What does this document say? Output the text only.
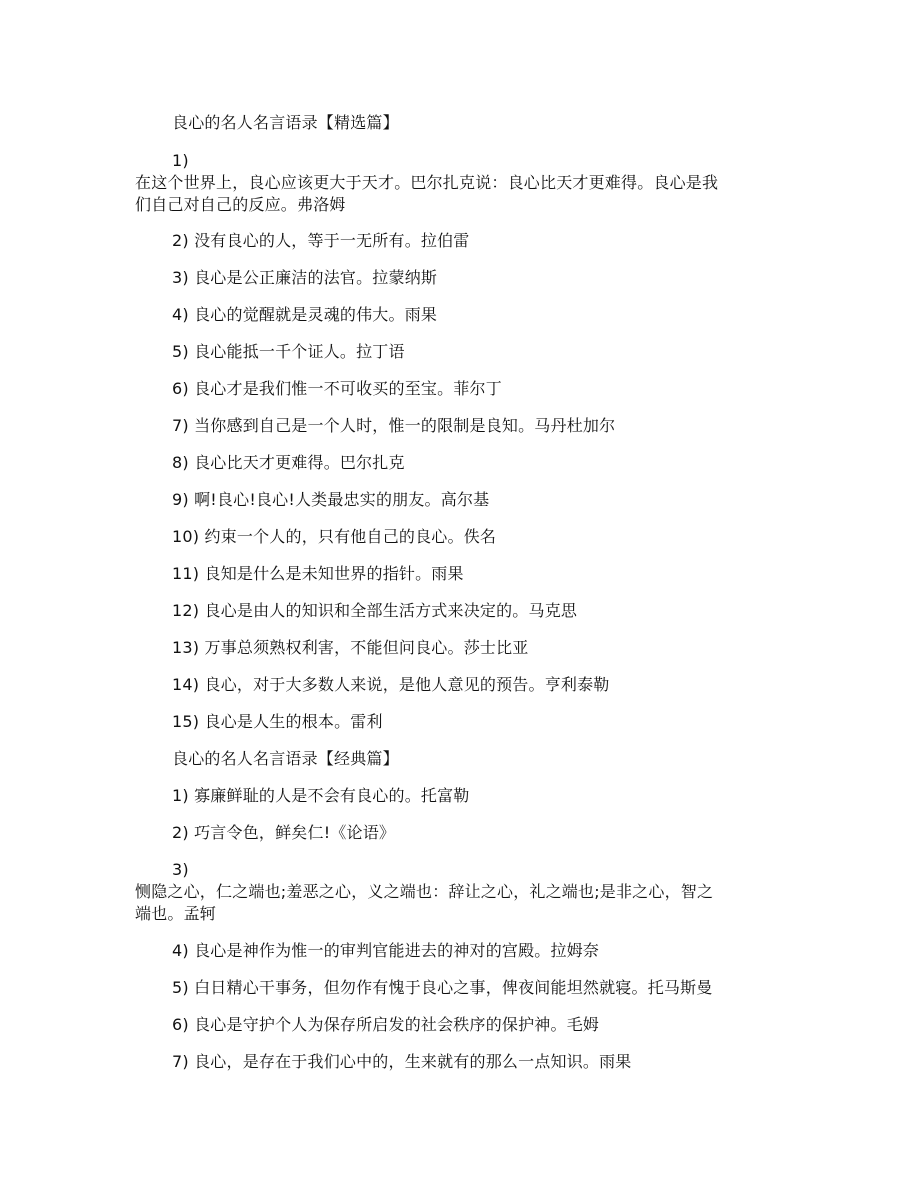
良心的名人名言语录【精选篇】
1)
在这个世界上，良心应该更大于天才。巴尔扎克说：良心比天才更难得。良心是我
们自己对自己的反应。弗洛姆
2) 没有良心的人，等于一无所有。拉伯雷
3) 良心是公正廉洁的法官。拉蒙纳斯
4) 良心的觉醒就是灵魂的伟大。雨果
5) 良心能抵一千个证人。拉丁语
6) 良心才是我们惟一不可收买的至宝。菲尔丁
7) 当你感到自己是一个人时，惟一的限制是良知。马丹杜加尔
8) 良心比天才更难得。巴尔扎克
9) 啊!良心!良心!人类最忠实的朋友。高尔基
10) 约束一个人的，只有他自己的良心。佚名
11) 良知是什么是未知世界的指针。雨果
12) 良心是由人的知识和全部生活方式来决定的。马克思
13) 万事总须熟权利害，不能但问良心。莎士比亚
14) 良心，对于大多数人来说，是他人意见的预告。亨利泰勒
15) 良心是人生的根本。雷利
良心的名人名言语录【经典篇】
1) 寡廉鲜耻的人是不会有良心的。托富勒
2) 巧言令色，鲜矣仁!《论语》
3)
恻隐之心，仁之端也;羞恶之心，义之端也：辞让之心，礼之端也;是非之心，智之
端也。孟轲
4) 良心是神作为惟一的审判官能进去的神对的宫殿。拉姆奈
5) 白日精心干事务，但勿作有愧于良心之事，俾夜间能坦然就寝。托马斯曼
6) 良心是守护个人为保存所启发的社会秩序的保护神。毛姆
7) 良心，是存在于我们心中的，生来就有的那么一点知识。雨果
